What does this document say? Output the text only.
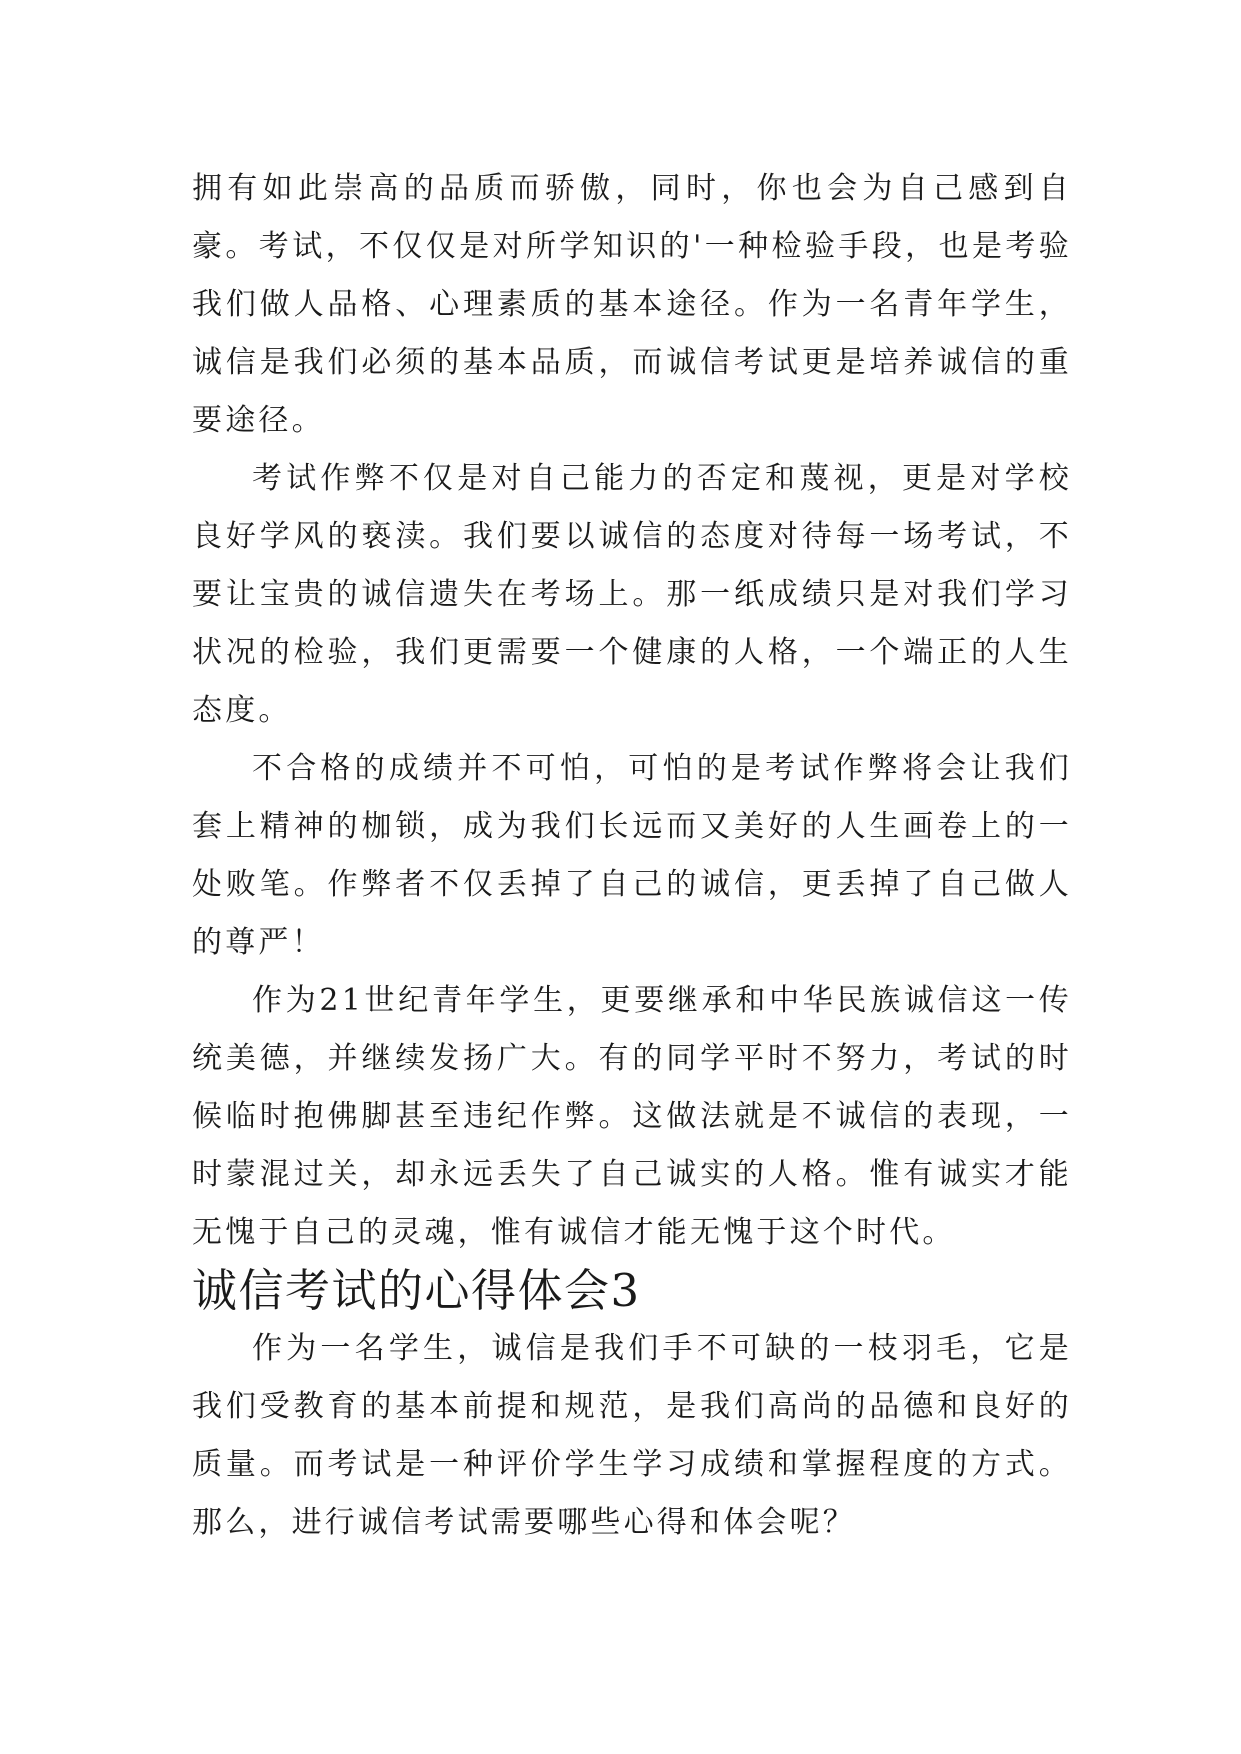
拥有如此崇高的品质而骄傲，同时，你也会为自己感到自豪。考试，不仅仅是对所学知识的'一种检验手段，也是考验我们做人品格、心理素质的基本途径。作为一名青年学生，诚信是我们必须的基本品质，而诚信考试更是培养诚信的重要途径。

考试作弊不仅是对自己能力的否定和蔑视，更是对学校良好学风的亵渎。我们要以诚信的态度对待每一场考试，不要让宝贵的诚信遗失在考场上。那一纸成绩只是对我们学习状况的检验，我们更需要一个健康的人格，一个端正的人生态度。

不合格的成绩并不可怕，可怕的是考试作弊将会让我们套上精神的枷锁，成为我们长远而又美好的人生画卷上的一处败笔。作弊者不仅丢掉了自己的诚信，更丢掉了自己做人的尊严！

作为21世纪青年学生，更要继承和中华民族诚信这一传统美德，并继续发扬广大。有的同学平时不努力，考试的时候临时抱佛脚甚至违纪作弊。这做法就是不诚信的表现，一时蒙混过关，却永远丢失了自己诚实的人格。惟有诚实才能无愧于自己的灵魂，惟有诚信才能无愧于这个时代。

诚信考试的心得体会3

作为一名学生，诚信是我们手不可缺的一枝羽毛，它是我们受教育的基本前提和规范，是我们高尚的品德和良好的质量。而考试是一种评价学生学习成绩和掌握程度的方式。那么，进行诚信考试需要哪些心得和体会呢？
